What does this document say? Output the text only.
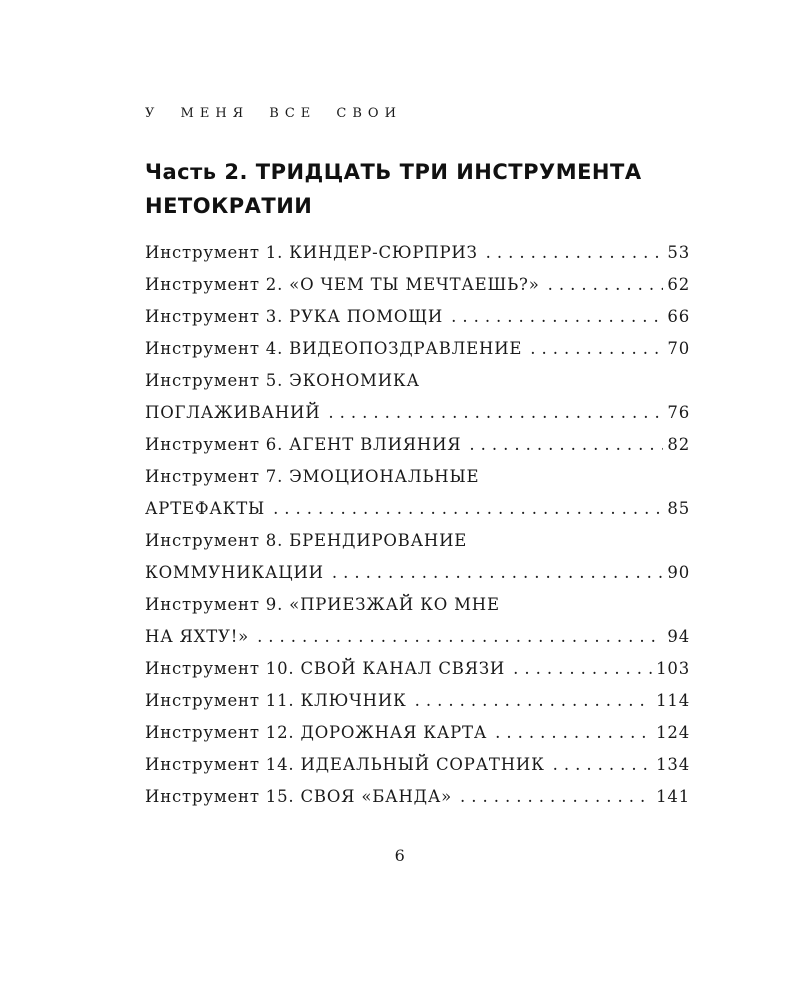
У МЕНЯ ВСЕ СВОИ
Часть 2. ТРИДЦАТЬ ТРИ ИНСТРУМЕНТА НЕТОКРАТИИ
Инструмент 1. КИНДЕР-СЮРПРИЗ .....	53
Инструмент 2. «О ЧЕМ ТЫ МЕЧТАЕШЬ?» .....	62
Инструмент 3. РУКА ПОМОЩИ .....	66
Инструмент 4. ВИДЕОПОЗДРАВЛЕНИЕ .....	70
Инструмент 5. ЭКОНОМИКА
ПОГЛАЖИВАНИЙ .....	76
Инструмент 6. АГЕНТ ВЛИЯНИЯ .....	82
Инструмент 7. ЭМОЦИОНАЛЬНЫЕ
АРТЕФАКТЫ .....	85
Инструмент 8. БРЕНДИРОВАНИЕ
КОММУНИКАЦИИ .....	90
Инструмент 9. «ПРИЕЗЖАЙ КО МНЕ
НА ЯХТУ!» .....	94
Инструмент 10. СВОЙ КАНАЛ СВЯЗИ .....	103
Инструмент 11. КЛЮЧНИК .....	114
Инструмент 12. ДОРОЖНАЯ КАРТА .....	124
Инструмент 14. ИДЕАЛЬНЫЙ СОРАТНИК .....	134
Инструмент 15. СВОЯ «БАНДА» .....	141
6
